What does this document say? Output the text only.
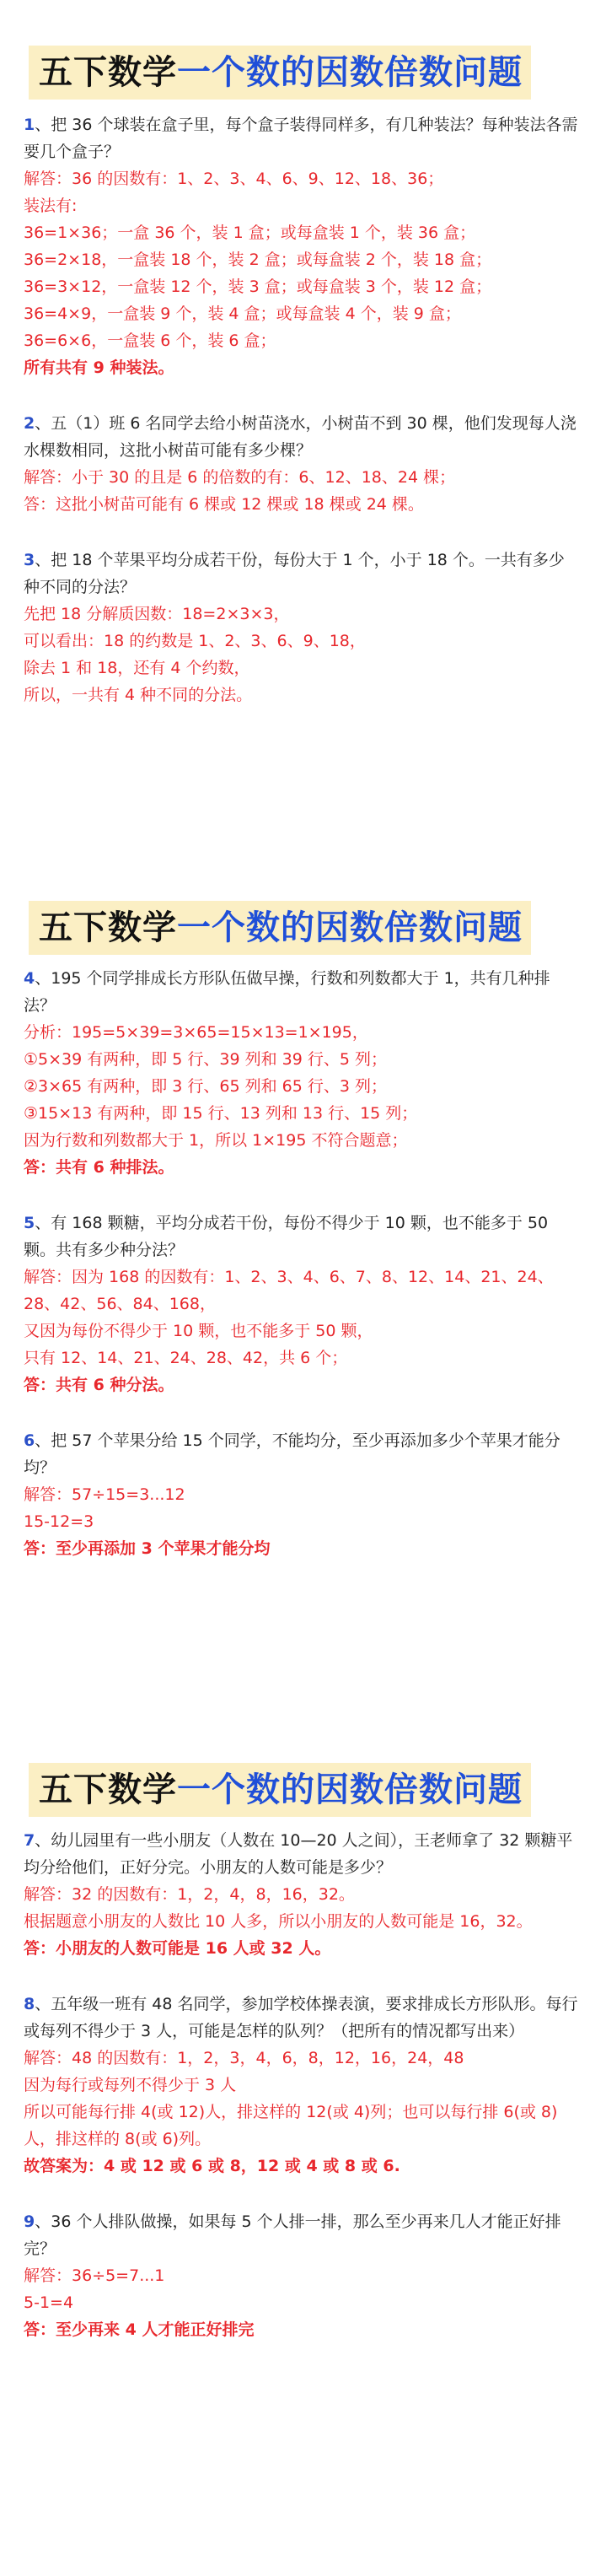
五下数学一个数的因数倍数问题

1、把 36 个球装在盒子里，每个盒子装得同样多，有几种装法？每种装法各需要几个盒子？

解答：36 的因数有：1、2、3、4、6、9、12、18、36；

装法有:

36=1×36；一盒 36 个，装 1 盒；或每盒装 1 个，装 36 盒；

36=2×18，一盒装 18 个，装 2 盒；或每盒装 2 个，装 18 盒；

36=3×12，一盒装 12 个，装 3 盒；或每盒装 3 个，装 12 盒；

36=4×9，一盒装 9 个，装 4 盒；或每盒装 4 个，装 9 盒；

36=6×6，一盒装 6 个，装 6 盒；

所有共有 9 种装法。

2、五（1）班 6 名同学去给小树苗浇水，小树苗不到 30 棵，他们发现每人浇水棵数相同，这批小树苗可能有多少棵？

解答：小于 30 的且是 6 的倍数的有：6、12、18、24 棵；

答：这批小树苗可能有 6 棵或 12 棵或 18 棵或 24 棵。

3、把 18 个苹果平均分成若干份，每份大于 1 个，小于 18 个。一共有多少种不同的分法？

先把 18 分解质因数：18=2×3×3，

可以看出：18 的约数是 1、2、3、6、9、18，

除去 1 和 18，还有 4 个约数，

所以，一共有 4 种不同的分法。

五下数学一个数的因数倍数问题

4、195 个同学排成长方形队伍做早操，行数和列数都大于 1，共有几种排法？

分析：195=5×39=3×65=15×13=1×195，

①5×39 有两种，即 5 行、39 列和 39 行、5 列；

②3×65 有两种，即 3 行、65 列和 65 行、3 列；

③15×13 有两种，即 15 行、13 列和 13 行、15 列；

因为行数和列数都大于 1，所以 1×195 不符合题意；

答：共有 6 种排法。

5、有 168 颗糖，平均分成若干份，每份不得少于 10 颗，也不能多于 50 颗。共有多少种分法？

解答：因为 168 的因数有：1、2、3、4、6、7、8、12、14、21、24、28、42、56、84、168，

又因为每份不得少于 10 颗，也不能多于 50 颗，

只有 12、14、21、24、28、42，共 6 个；

答：共有 6 种分法。

6、把 57 个苹果分给 15 个同学，不能均分，至少再添加多少个苹果才能分均？

解答：57÷15=3...12

15-12=3

答：至少再添加 3 个苹果才能分均

五下数学一个数的因数倍数问题

7、幼儿园里有一些小朋友（人数在 10—20 人之间），王老师拿了 32 颗糖平均分给他们，正好分完。小朋友的人数可能是多少？

解答：32 的因数有：1，2，4，8，16，32。

根据题意小朋友的人数比 10 人多，所以小朋友的人数可能是 16，32。

答：小朋友的人数可能是 16 人或 32 人。

8、五年级一班有 48 名同学，参加学校体操表演，要求排成长方形队形。每行或每列不得少于 3 人，可能是怎样的队列？（把所有的情况都写出来）

解答：48 的因数有：1，2，3，4，6，8，12，16，24，48

因为每行或每列不得少于 3 人

所以可能每行排 4(或 12)人，排这样的 12(或 4)列；也可以每行排 6(或 8)人，排这样的 8(或 6)列。

故答案为：4 或 12 或 6 或 8，12 或 4 或 8 或 6.

9、36 个人排队做操，如果每 5 个人排一排，那么至少再来几人才能正好排完？

解答：36÷5=7...1

5-1=4

答：至少再来 4 人才能正好排完
